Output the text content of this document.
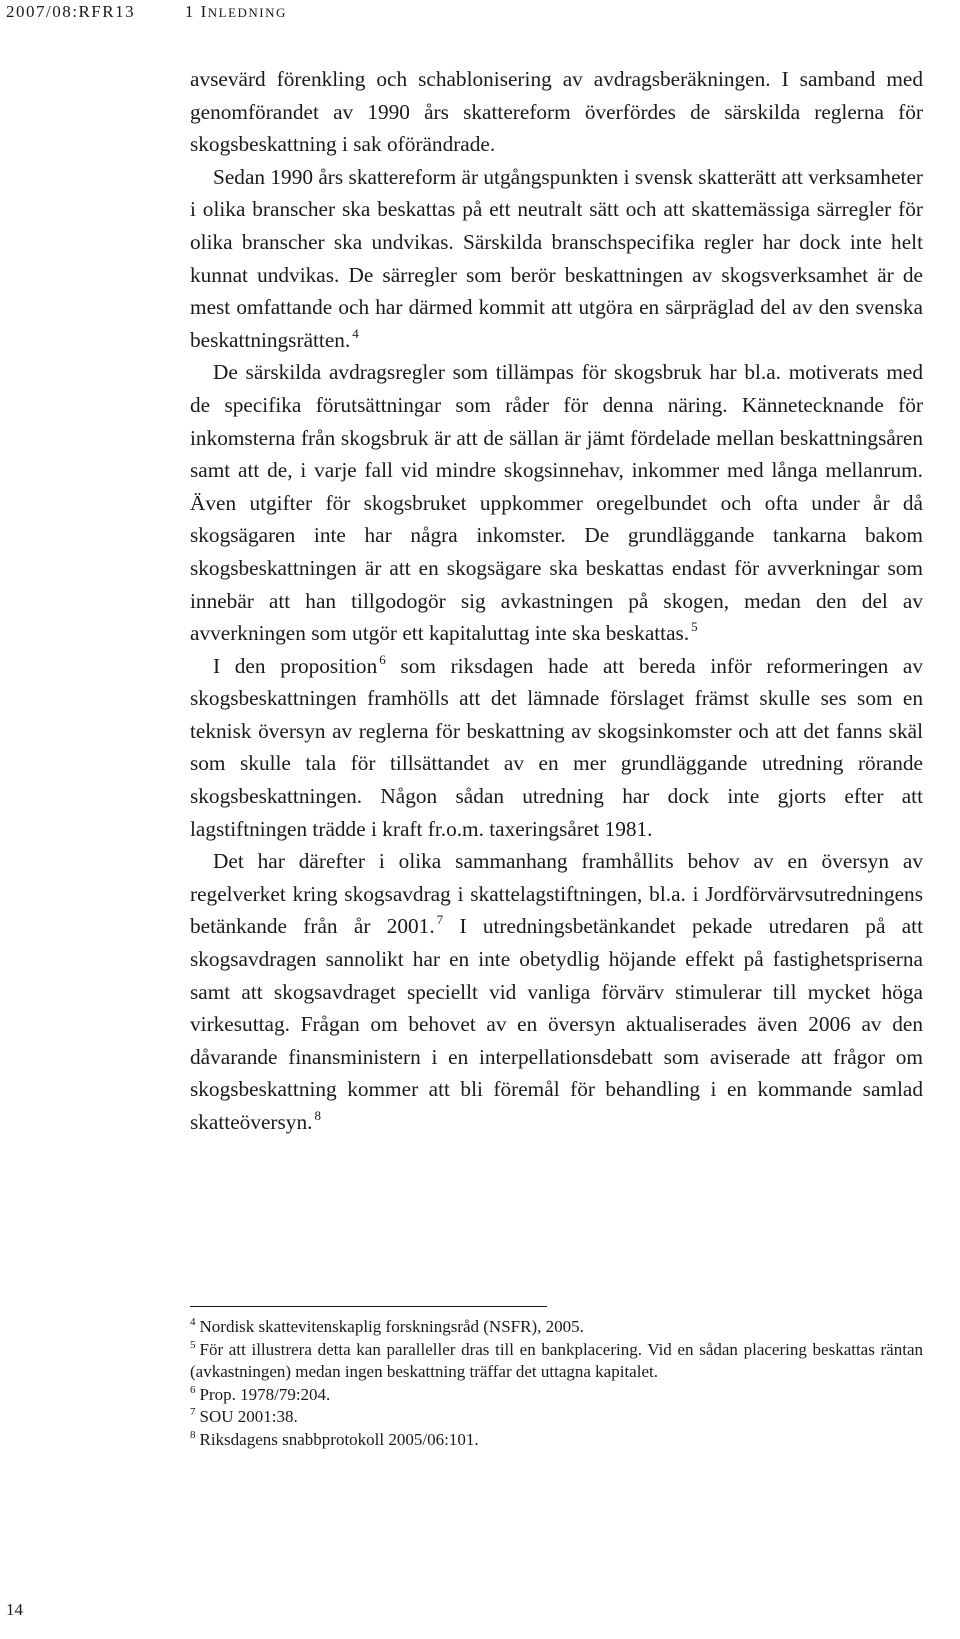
2007/08:RFR13	1 INLEDNING

avsevärd förenkling och schablonisering av avdragsberäkningen. I samband med genomförandet av 1990 års skattereform överfördes de särskilda reglerna för skogsbeskattning i sak oförändrade.

Sedan 1990 års skattereform är utgångspunkten i svensk skatterätt att verksamheter i olika branscher ska beskattas på ett neutralt sätt och att skattemässiga särregler för olika branscher ska undvikas. Särskilda branschspecifika regler har dock inte helt kunnat undvikas. De särregler som berör beskattningen av skogsverksamhet är de mest omfattande och har därmed kommit att utgöra en särpräglad del av den svenska beskattningsrätten. $^4$

De särskilda avdragsregler som tillämpas för skogsbruk har bl.a. motiverats med de specifika förutsättningar som råder för denna näring. Kännetecknande för inkomsterna från skogsbruk är att de sällan är jämt fördelade mellan beskattningsåren samt att de, i varje fall vid mindre skogsinnehav, inkommer med långa mellanrum. Även utgifter för skogsbruket uppkommer oregelbundet och ofta under år då skogsägaren inte har några inkomster. De grundläggande tankarna bakom skogsbeskattningen är att en skogsägare ska beskattas endast för avverkningar som innebär att han tillgodogör sig avkastningen på skogen, medan den del av avverkningen som utgör ett kapitaluttag inte ska beskattas. $^5$

I den proposition $^6$ som riksdagen hade att bereda inför reformeringen av skogsbeskattningen framhölls att det lämnade förslaget främst skulle ses som en teknisk översyn av reglerna för beskattning av skogsinkomster och att det fanns skäl som skulle tala för tillsättandet av en mer grundläggande utredning rörande skogsbeskattningen. Någon sådan utredning har dock inte gjorts efter att lagstiftningen trädde i kraft fr.o.m. taxeringsåret 1981.

Det har därefter i olika sammanhang framhållits behov av en översyn av regelverket kring skogsavdrag i skattelagstiftningen, bl.a. i Jordförvärvsutredningens betänkande från år 2001. $^7$ I utredningsbetänkandet pekade utredaren på att skogsavdragen sannolikt har en inte obetydlig höjande effekt på fastighetspriserna samt att skogsavdraget speciellt vid vanliga förvärv stimulerar till mycket höga virkesuttag. Frågan om behovet av en översyn aktualiserades även 2006 av den dåvarande finansministern i en interpellationsdebatt som aviserade att frågor om skogsbeskattning kommer att bli föremål för behandling i en kommande samlad skatteöversyn. $^8$

$^4$ Nordisk skattevitenskaplig forskningsråd (NSFR), 2005.

$^5$ För att illustrera detta kan paralleller dras till en bankplacering. Vid en sådan placering beskattas räntan (avkastningen) medan ingen beskattning träffar det uttagna kapitalet.

$^6$ Prop. 1978/79:204.

$^7$ SOU 2001:38.

$^8$ Riksdagens snabbprotokoll 2005/06:101.

14
